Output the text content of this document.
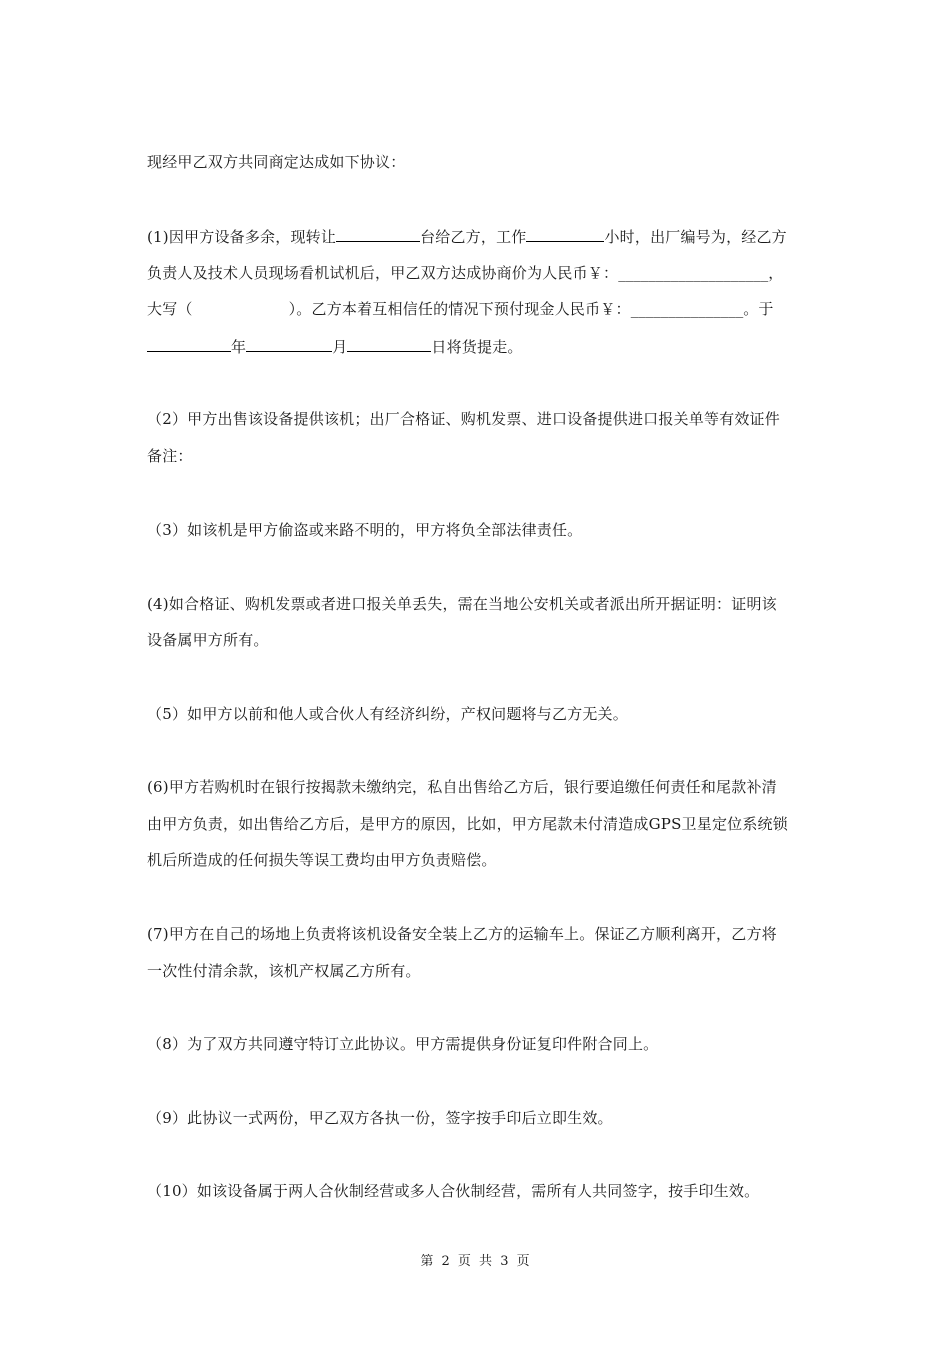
现经甲乙双方共同商定达成如下协议：
(1)因甲方设备多余，现转让	台给乙方，工作	小时，出厂编号为，经乙方
负责人及技术人员现场看机试机后，甲乙双方达成协商价为人民币￥：____________________，
大写（	）。乙方本着互相信任的情况下预付现金人民币￥：_______________。于
年	月	日将货提走。
（2）甲方出售该设备提供该机；出厂合格证、购机发票、进口设备提供进口报关单等有效证件
备注：
（3）如该机是甲方偷盗或来路不明的，甲方将负全部法律责任。
(4)如合格证、购机发票或者进口报关单丢失，需在当地公安机关或者派出所开据证明：证明该
设备属甲方所有。
（5）如甲方以前和他人或合伙人有经济纠纷，产权问题将与乙方无关。
(6)甲方若购机时在银行按揭款未缴纳完，私自出售给乙方后，银行要追缴任何责任和尾款补清
由甲方负责，如出售给乙方后，是甲方的原因，比如，甲方尾款未付清造成GPS卫星定位系统锁
机后所造成的任何损失等误工费均由甲方负责赔偿。
(7)甲方在自己的场地上负责将该机设备安全装上乙方的运输车上。保证乙方顺利离开，乙方将
一次性付清余款，该机产权属乙方所有。
（8）为了双方共同遵守特订立此协议。甲方需提供身份证复印件附合同上。
（9）此协议一式两份，甲乙双方各执一份，签字按手印后立即生效。
（10）如该设备属于两人合伙制经营或多人合伙制经营，需所有人共同签字，按手印生效。
第 2 页 共 3 页
